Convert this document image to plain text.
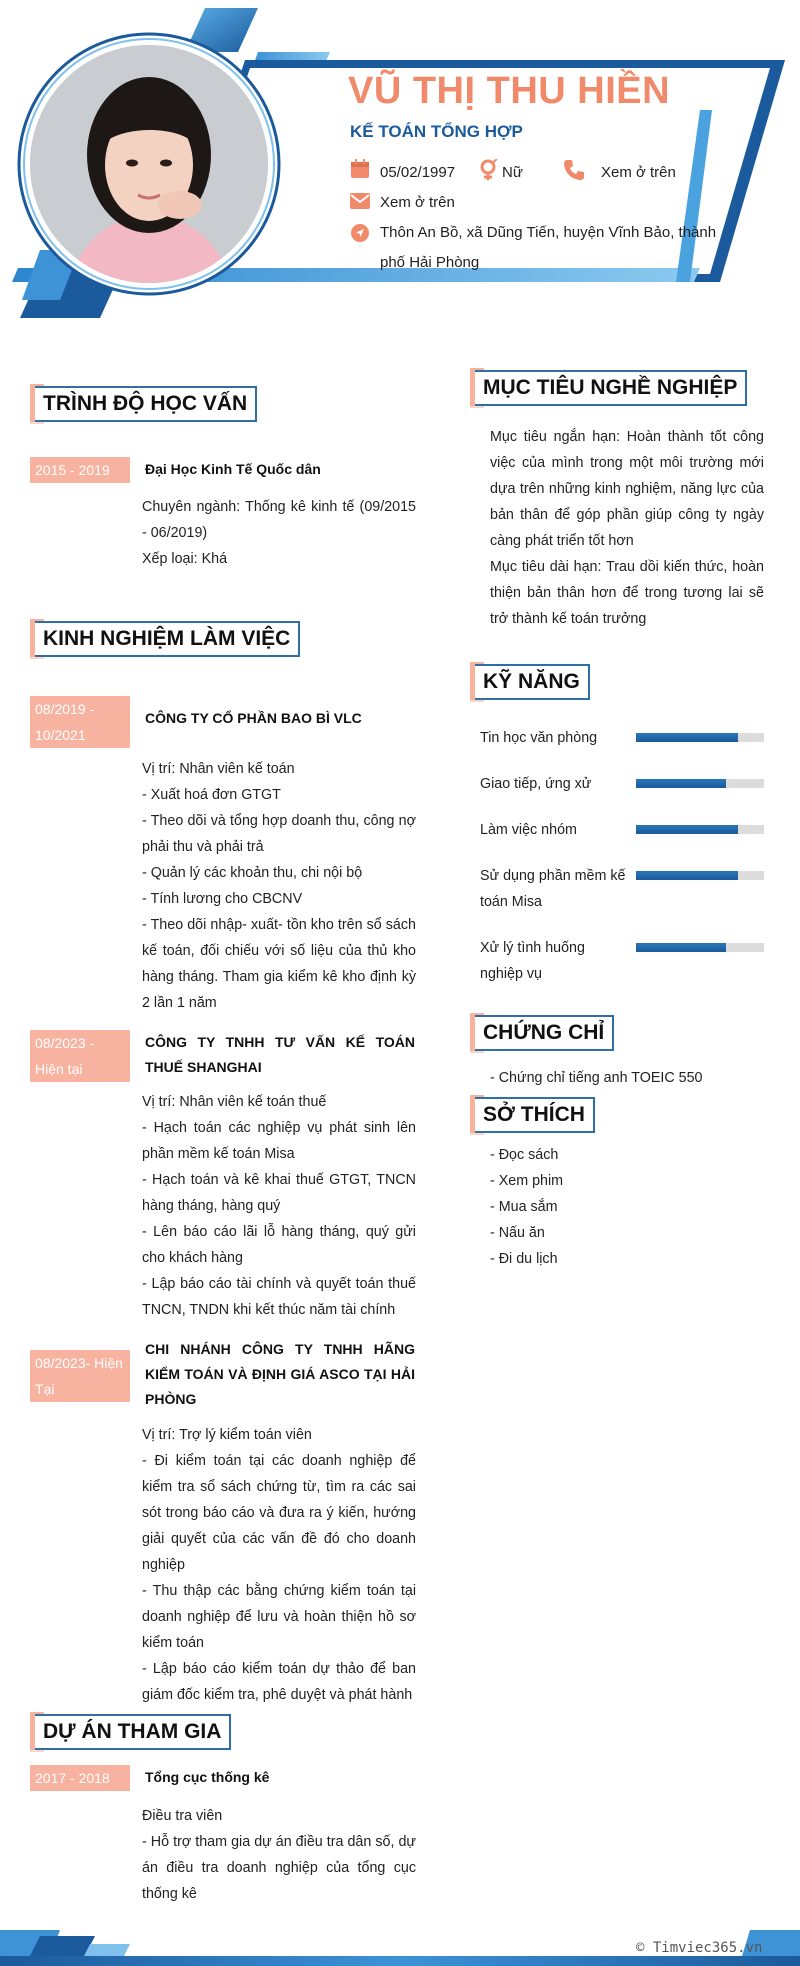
VŨ THỊ THU HIỀN
KẾ TOÁN TỔNG HỢP
05/02/1997	Nữ	Xem ở trên
Xem ở trên
Thôn An Bồ, xã Dũng Tiến, huyện Vĩnh Bảo, thành phố Hải Phòng
TRÌNH ĐỘ HỌC VẤN
2015 - 2019	Đại Học Kinh Tế Quốc dân

Chuyên ngành: Thống kê kinh tế (09/2015 - 06/2019)

Xếp loại: Khá

KINH NGHIỆM LÀM VIỆC
08/2019 - 10/2021
CÔNG TY CỔ PHẦN BAO BÌ VLC

Vị trí: Nhân viên kế toán

- Xuất hoá đơn GTGT

- Theo dõi và tổng hợp doanh thu, công nợ phải thu và phải trả

- Quản lý các khoản thu, chi nội bộ

- Tính lương cho CBCNV

- Theo dõi nhập- xuất- tồn kho trên sổ sách kế toán, đối chiếu với số liệu của thủ kho hàng tháng. Tham gia kiểm kê kho định kỳ 2 lần 1 năm

08/2023 - Hiện tại
CÔNG TY TNHH TƯ VẤN KẾ TOÁN THUẾ SHANGHAI

Vị trí: Nhân viên kế toán thuế

- Hạch toán các nghiệp vụ phát sinh lên phần mềm kế toán Misa

- Hạch toán và kê khai thuế GTGT, TNCN hàng tháng, hàng quý

- Lên báo cáo lãi lỗ hàng tháng, quý gửi cho khách hàng

- Lập báo cáo tài chính và quyết toán thuế TNCN, TNDN khi kết thúc năm tài chính

08/2023- Hiện Tại
CHI NHÁNH CÔNG TY TNHH HÃNG KIỂM TOÁN VÀ ĐỊNH GIÁ ASCO TẠI HẢI PHÒNG

Vị trí: Trợ lý kiểm toán viên

- Đi kiểm toán tại các doanh nghiệp để kiểm tra sổ sách chứng từ, tìm ra các sai sót trong báo cáo và đưa ra ý kiến, hướng giải quyết của các vấn đề đó cho doanh nghiệp

- Thu thập các bằng chứng kiểm toán tại doanh nghiệp để lưu và hoàn thiện hồ sơ kiểm toán

- Lập báo cáo kiểm toán dự thảo để ban giám đốc kiểm tra, phê duyệt và phát hành

DỰ ÁN THAM GIA
2017 - 2018	Tổng cục thống kê

Điều tra viên

- Hỗ trợ tham gia dự án điều tra dân số, dự án điều tra doanh nghiệp của tổng cục thống kê

MỤC TIÊU NGHỀ NGHIỆP

Mục tiêu ngắn hạn: Hoàn thành tốt công việc của mình trong một môi trường mới dựa trên những kinh nghiệm, năng lực của bản thân để góp phần giúp công ty ngày càng phát triển tốt hơn

Mục tiêu dài hạn: Trau dồi kiến thức, hoàn thiện bản thân hơn để trong tương lai sẽ trở thành kế toán trưởng

KỸ NĂNG
Tin học văn phòng
Giao tiếp, ứng xử
Làm việc nhóm
Sử dụng phần mềm kế toán Misa
Xử lý tình huống nghiệp vụ
CHỨNG CHỈ
- Chứng chỉ tiếng anh TOEIC 550
SỞ THÍCH
- Đọc sách
- Xem phim
- Mua sắm
- Nấu ăn
- Đi du lịch
© Timviec365.vn
